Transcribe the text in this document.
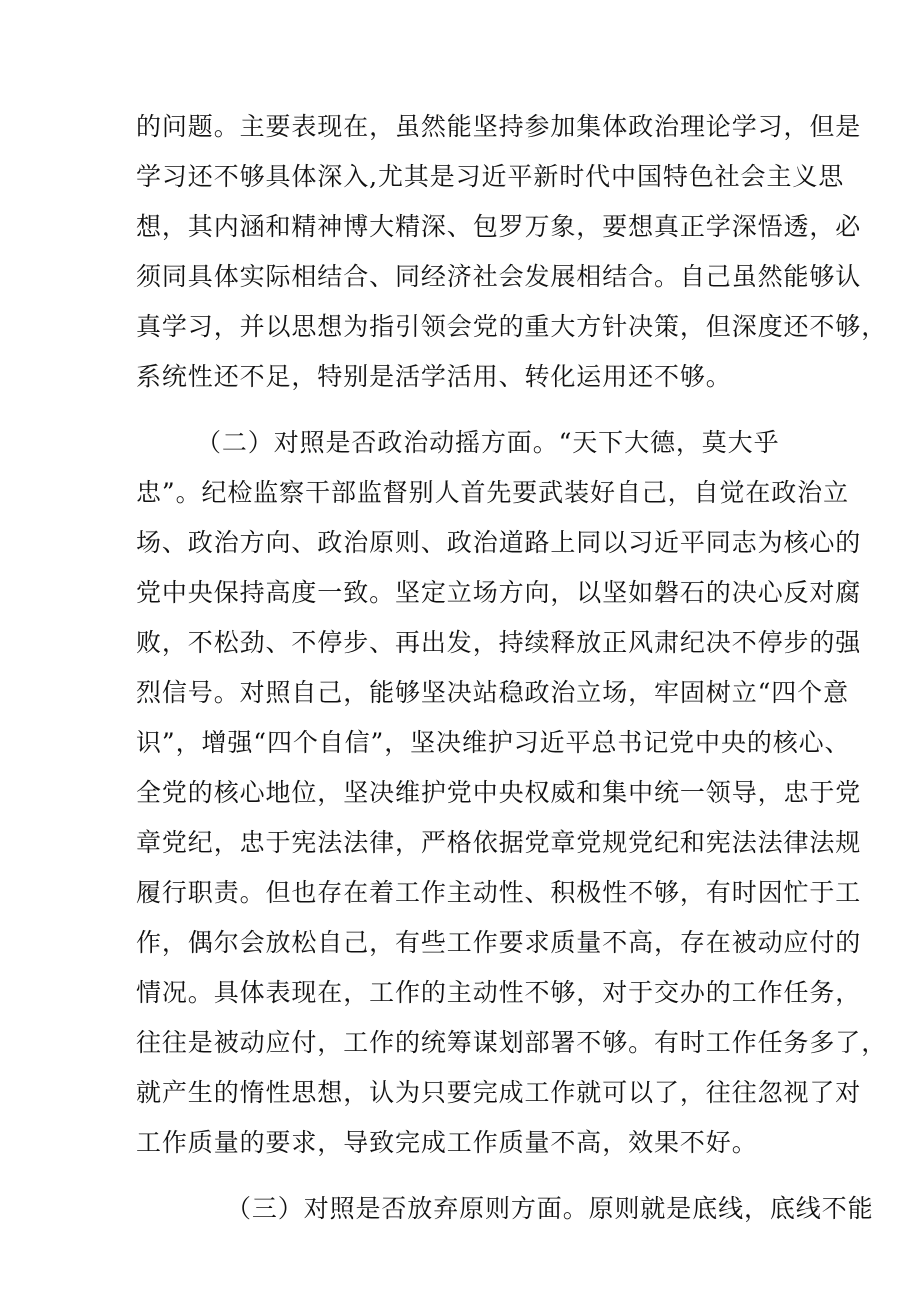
的问题。主要表现在，虽然能坚持参加集体政治理论学习，但是

学习还不够具体深入,尤其是习近平新时代中国特色社会主义思

想，其内涵和精神博大精深、包罗万象，要想真正学深悟透，必

须同具体实际相结合、同经济社会发展相结合。自己虽然能够认

真学习，并以思想为指引领会党的重大方针决策，但深度还不够，

系统性还不足，特别是活学活用、转化运用还不够。

（二）对照是否政治动摇方面。“天下大德，莫大乎

忠”。纪检监察干部监督别人首先要武装好自己，自觉在政治立

场、政治方向、政治原则、政治道路上同以习近平同志为核心的

党中央保持高度一致。坚定立场方向，以坚如磐石的决心反对腐

败，不松劲、不停步、再出发，持续释放正风肃纪决不停步的强

烈信号。对照自己，能够坚决站稳政治立场，牢固树立“四个意

识”，增强“四个自信”，坚决维护习近平总书记党中央的核心、

全党的核心地位，坚决维护党中央权威和集中统一领导，忠于党

章党纪，忠于宪法法律，严格依据党章党规党纪和宪法法律法规

履行职责。但也存在着工作主动性、积极性不够，有时因忙于工

作，偶尔会放松自己，有些工作要求质量不高，存在被动应付的

情况。具体表现在，工作的主动性不够，对于交办的工作任务，

往往是被动应付，工作的统筹谋划部署不够。有时工作任务多了，

就产生的惰性思想，认为只要完成工作就可以了，往往忽视了对

工作质量的要求，导致完成工作质量不高，效果不好。

（三）对照是否放弃原则方面。原则就是底线，底线不能
